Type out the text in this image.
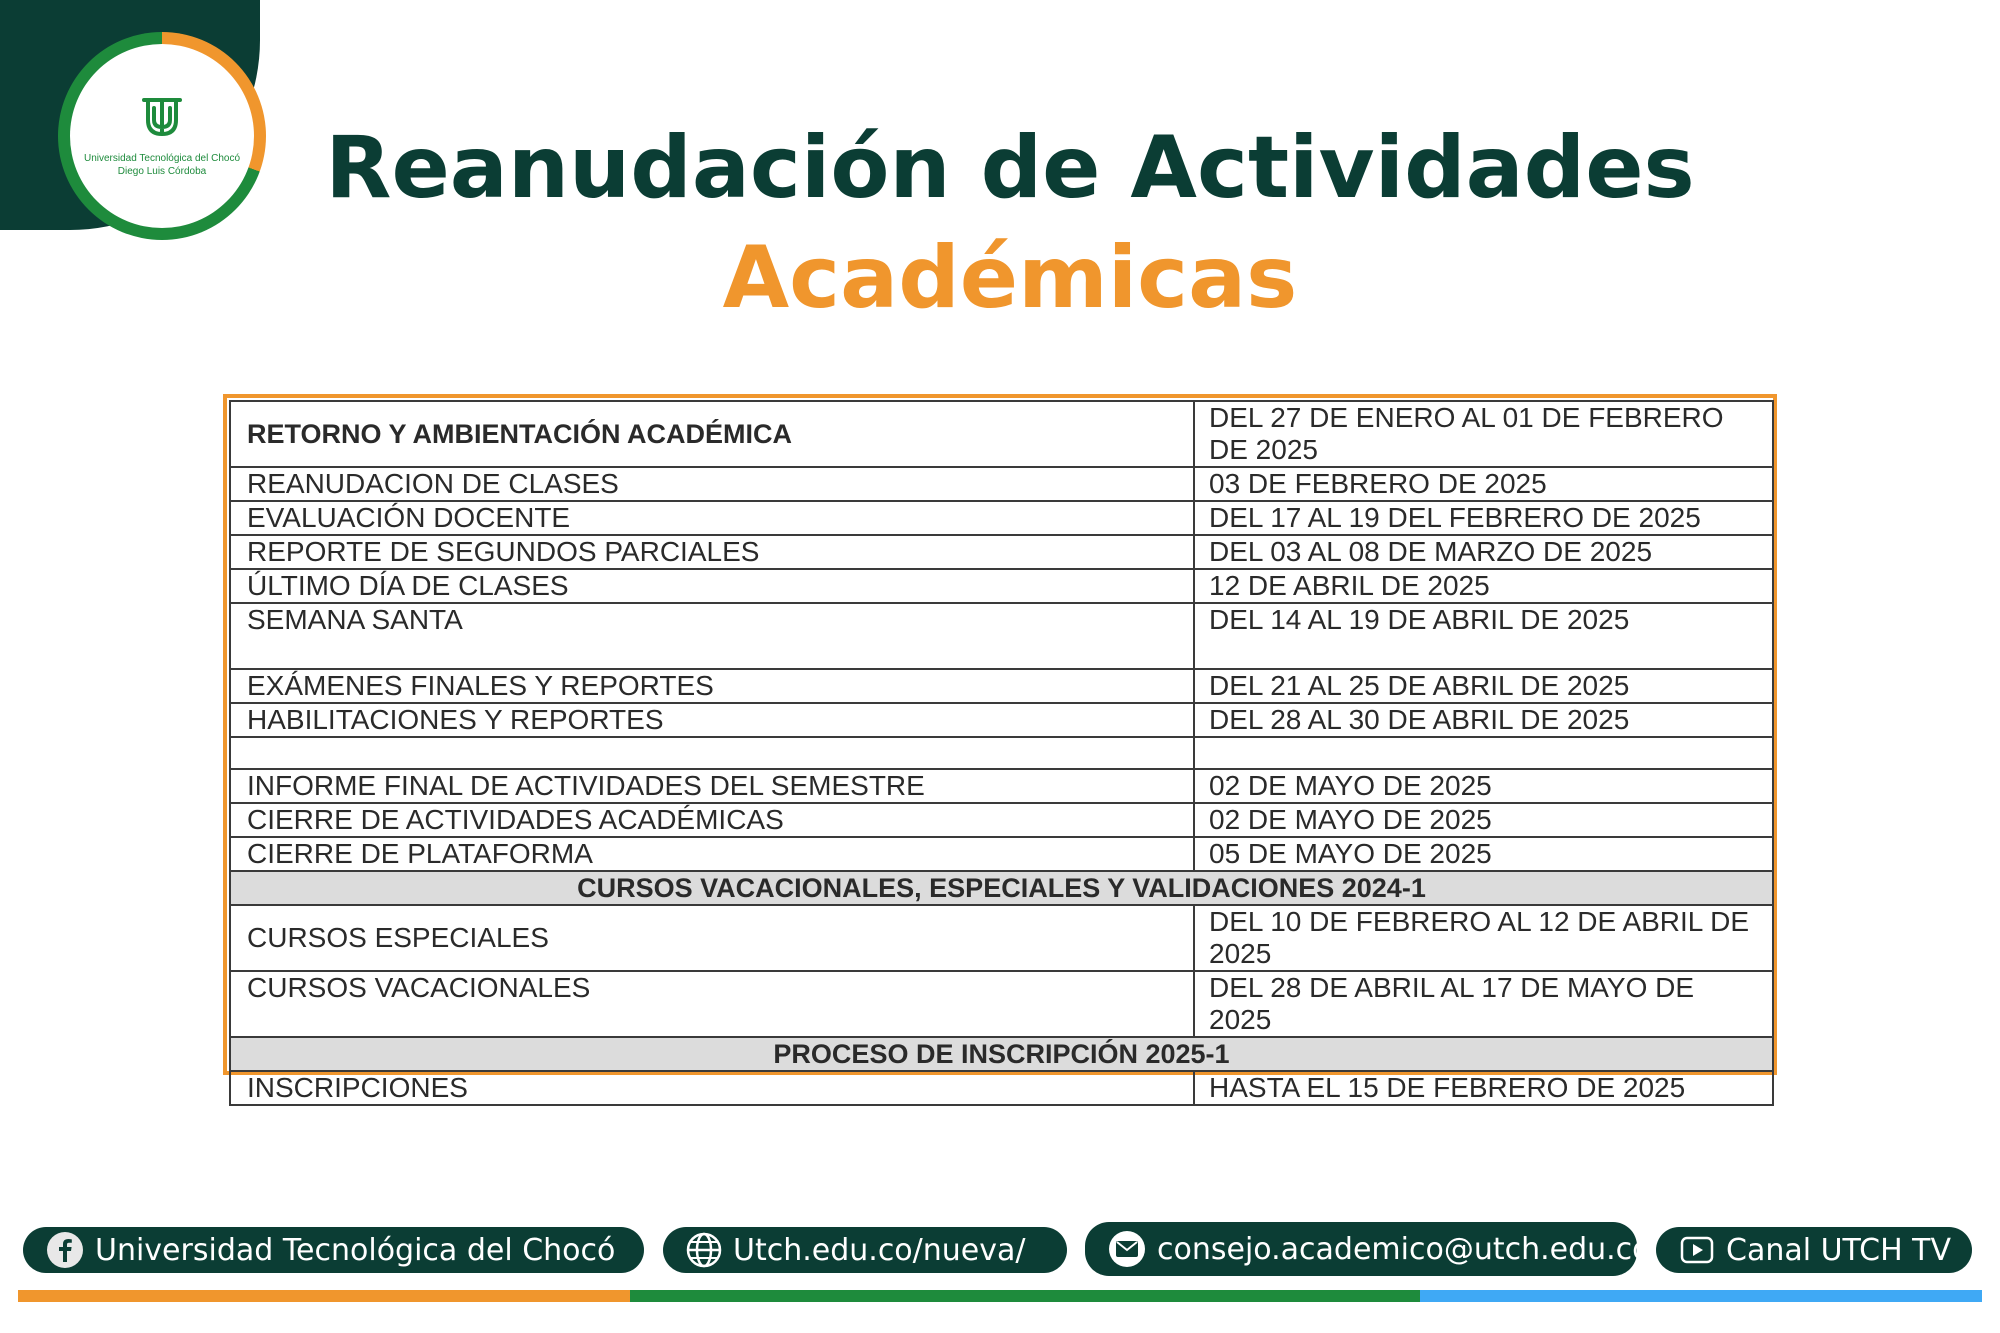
Universidad Tecnológica del Chocó
Diego Luis Córdoba	Reanudación de Actividades
Académicas
RETORNO Y AMBIENTACIÓN ACADÉMICA	DEL 27 DE ENERO AL 01 DE FEBRERO DE 2025
REANUDACION DE CLASES	03 DE FEBRERO DE 2025
EVALUACIÓN DOCENTE	DEL 17 AL 19 DEL FEBRERO DE 2025
REPORTE DE SEGUNDOS PARCIALES	DEL 03 AL 08 DE MARZO DE 2025
ÚLTIMO DÍA DE CLASES	12 DE ABRIL DE 2025
SEMANA SANTA	DEL 14 AL 19 DE ABRIL DE 2025
EXÁMENES FINALES Y REPORTES	DEL 21 AL 25 DE ABRIL DE 2025
HABILITACIONES Y REPORTES	DEL 28 AL 30 DE ABRIL DE 2025

INFORME FINAL DE ACTIVIDADES DEL SEMESTRE	02 DE MAYO DE 2025
CIERRE DE ACTIVIDADES ACADÉMICAS	02 DE MAYO DE 2025
CIERRE DE PLATAFORMA	05 DE MAYO DE 2025
CURSOS VACACIONALES, ESPECIALES Y VALIDACIONES 2024-1	
CURSOS ESPECIALES	DEL 10 DE FEBRERO AL 12 DE ABRIL DE 2025
CURSOS VACACIONALES	DEL 28 DE ABRIL AL 17 DE MAYO DE 2025
PROCESO DE INSCRIPCIÓN 2025-1	
INSCRIPCIONES	HASTA EL 15 DE FEBRERO DE 2025
Universidad Tecnológica del Chocó	Utch.edu.co/nueva/	consejo.academico@utch.edu.co	Canal UTCH TV
